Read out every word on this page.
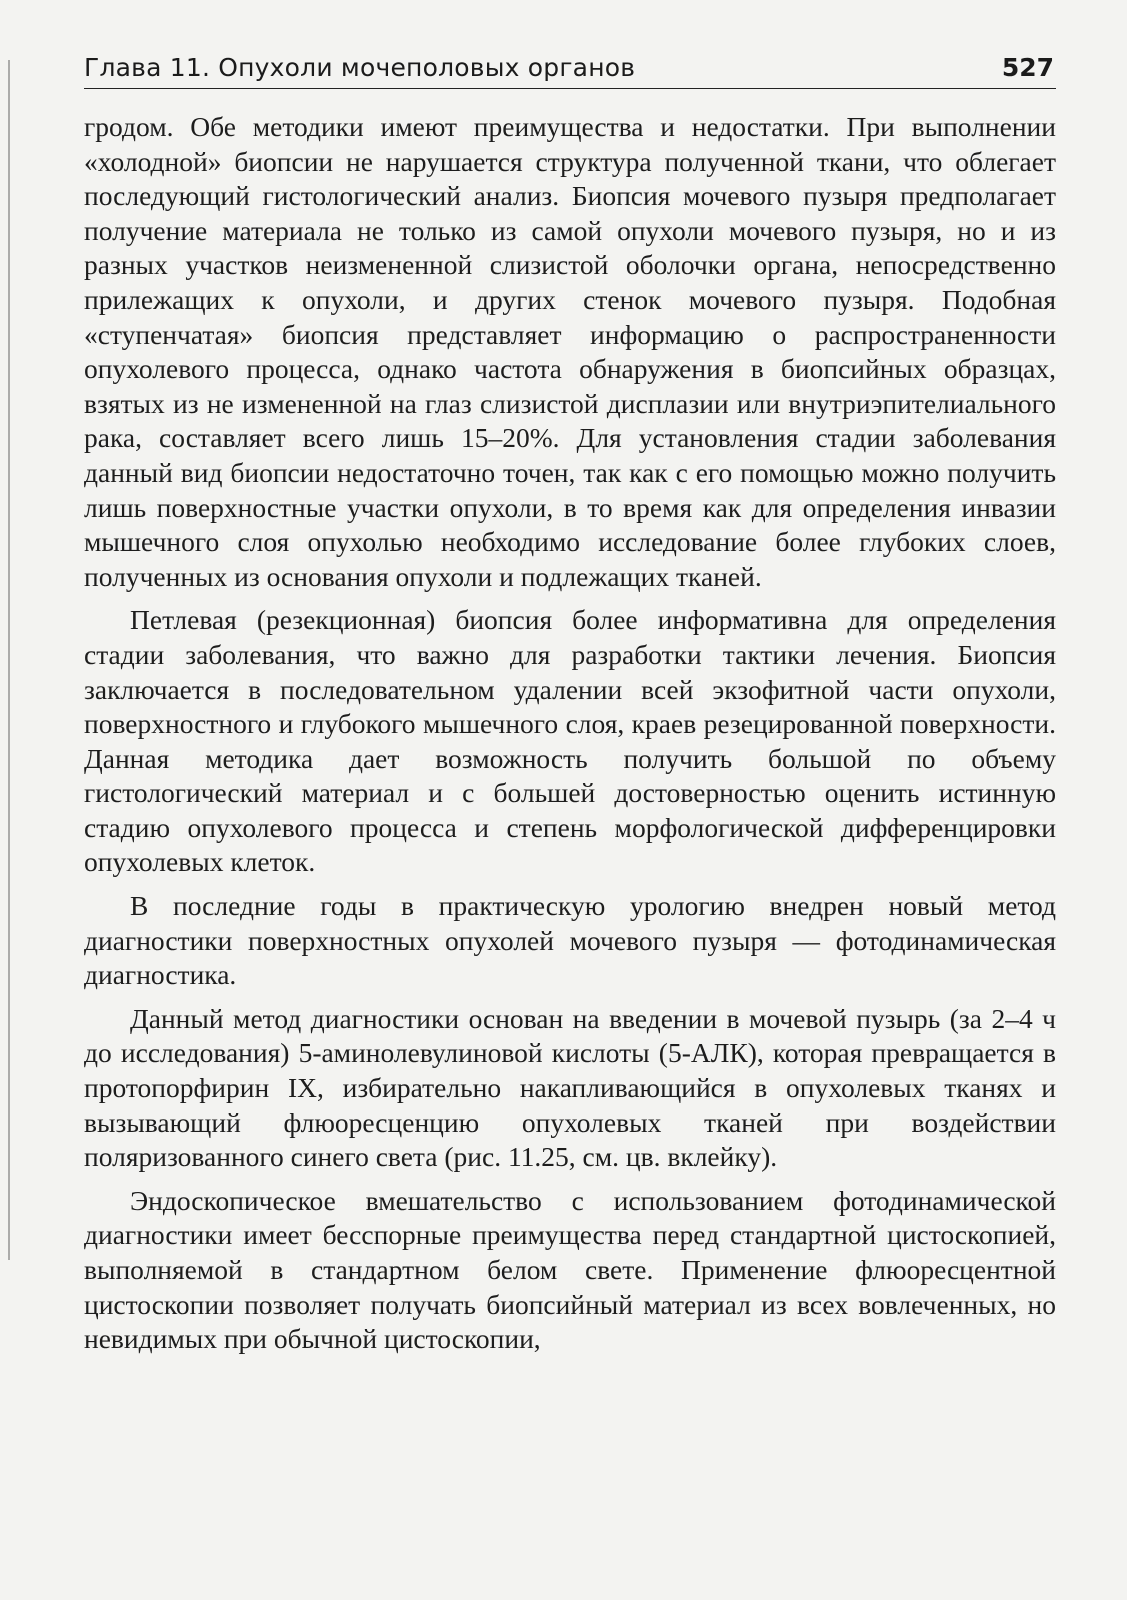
Глава 11. Опухоли мочеполовых органов	527

гродом. Обе методики имеют преимущества и недостатки. При выполнении «холодной» биопсии не нарушается структура полученной ткани, что облегает последующий гистологический анализ. Биопсия мочевого пузыря предполагает получение материала не только из самой опухоли мочевого пузыря, но и из разных участков неизмененной слизистой оболочки органа, непосредственно прилежащих к опухоли, и других стенок мочевого пузыря. Подобная «ступенчатая» биопсия представляет информацию о распространенности опухолевого процесса, однако частота обнаружения в биопсийных образцах, взятых из не измененной на глаз слизистой дисплазии или внутриэпителиального рака, составляет всего лишь 15–20%. Для установления стадии заболевания данный вид биопсии недостаточно точен, так как с его помощью можно получить лишь поверхностные участки опухоли, в то время как для определения инвазии мышечного слоя опухолью необходимо исследование более глубоких слоев, полученных из основания опухоли и подлежащих тканей.

Петлевая (резекционная) биопсия более информативна для определения стадии заболевания, что важно для разработки тактики лечения. Биопсия заключается в последовательном удалении всей экзофитной части опухоли, поверхностного и глубокого мышечного слоя, краев резецированной поверхности. Данная методика дает возможность получить большой по объему гистологический материал и с большей достоверностью оценить истинную стадию опухолевого процесса и степень морфологической дифференцировки опухолевых клеток.

В последние годы в практическую урологию внедрен новый метод диагностики поверхностных опухолей мочевого пузыря — фотодинамическая диагностика.

Данный метод диагностики основан на введении в мочевой пузырь (за 2–4 ч до исследования) 5-аминолевулиновой кислоты (5-АЛК), которая превращается в протопорфирин IX, избирательно накапливающийся в опухолевых тканях и вызывающий флюоресценцию опухолевых тканей при воздействии поляризованного синего света (рис. 11.25, см. цв. вклейку).

Эндоскопическое вмешательство с использованием фотодинамической диагностики имеет бесспорные преимущества перед стандартной цистоскопией, выполняемой в стандартном белом свете. Применение флюоресцентной цистоскопии позволяет получать биопсийный материал из всех вовлеченных, но невидимых при обычной цистоскопии,
